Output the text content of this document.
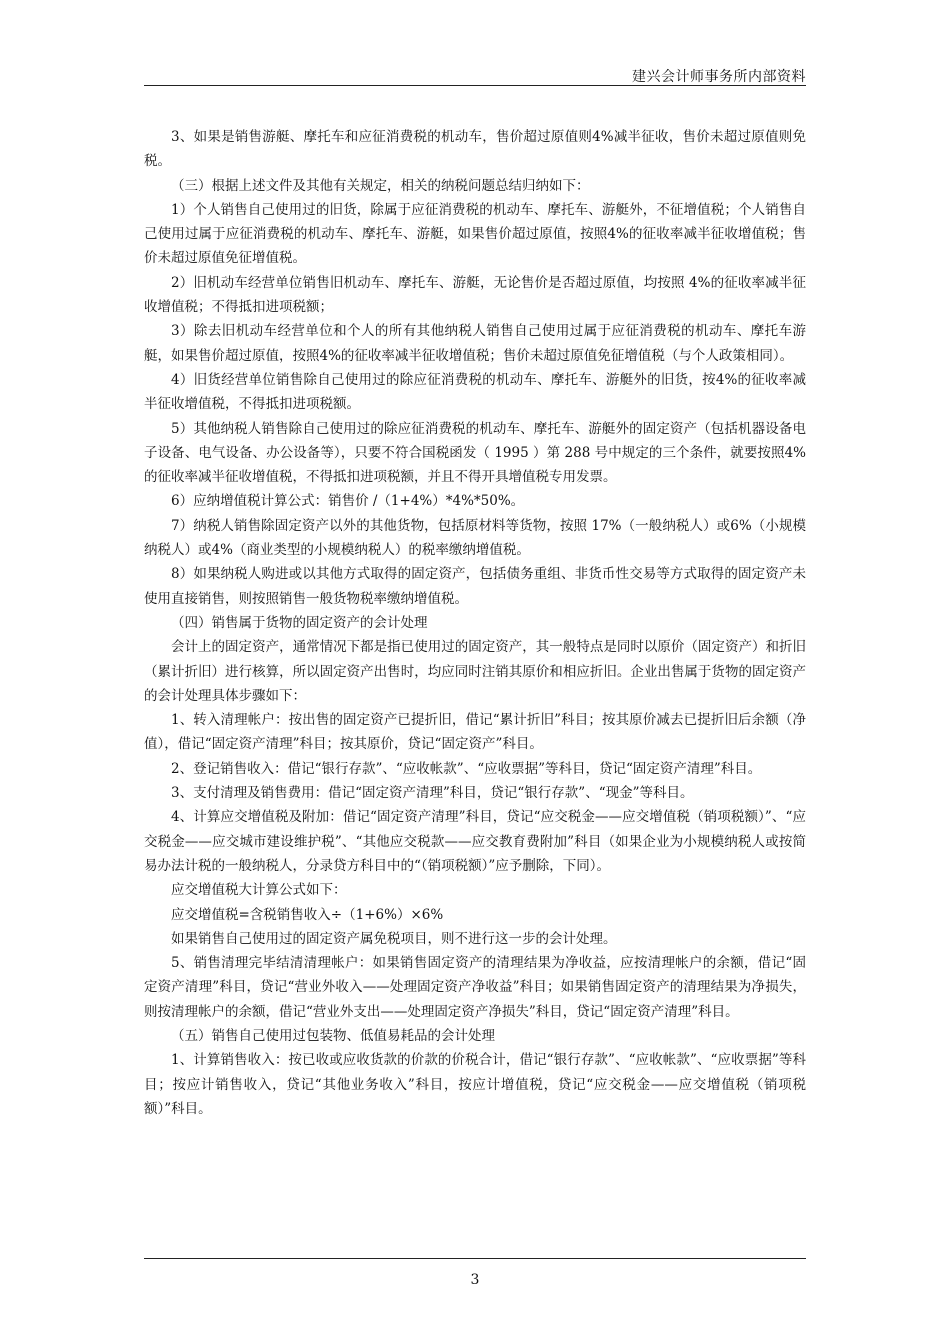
建兴会计师事务所内部资料

3、如果是销售游艇、摩托车和应征消费税的机动车，售价超过原值则4%减半征收，售价未超过原值则免税。

（三）根据上述文件及其他有关规定，相关的纳税问题总结归纳如下：

1）个人销售自己使用过的旧货，除属于应征消费税的机动车、摩托车、游艇外，不征增值税；个人销售自己使用过属于应征消费税的机动车、摩托车、游艇，如果售价超过原值，按照4%的征收率减半征收增值税；售价未超过原值免征增值税。

2）旧机动车经营单位销售旧机动车、摩托车、游艇，无论售价是否超过原值，均按照 4%的征收率减半征收增值税；不得抵扣进项税额；

3）除去旧机动车经营单位和个人的所有其他纳税人销售自己使用过属于应征消费税的机动车、摩托车游艇，如果售价超过原值，按照4%的征收率减半征收增值税；售价未超过原值免征增值税（与个人政策相同）。

4）旧货经营单位销售除自己使用过的除应征消费税的机动车、摩托车、游艇外的旧货，按4%的征收率减半征收增值税，不得抵扣进项税额。

5）其他纳税人销售除自己使用过的除应征消费税的机动车、摩托车、游艇外的固定资产（包括机器设备电子设备、电气设备、办公设备等），只要不符合国税函发（ 1995 ）第 288 号中规定的三个条件，就要按照4%的征收率减半征收增值税，不得抵扣进项税额，并且不得开具增值税专用发票。

6）应纳增值税计算公式：销售价 /（1+4%）*4%*50%。

7）纳税人销售除固定资产以外的其他货物，包括原材料等货物，按照 17%（一般纳税人）或6%（小规模纳税人）或4%（商业类型的小规模纳税人）的税率缴纳增值税。

8）如果纳税人购进或以其他方式取得的固定资产，包括债务重组、非货币性交易等方式取得的固定资产未使用直接销售，则按照销售一般货物税率缴纳增值税。

（四）销售属于货物的固定资产的会计处理

会计上的固定资产，通常情况下都是指已使用过的固定资产，其一般特点是同时以原价（固定资产）和折旧（累计折旧）进行核算，所以固定资产出售时，均应同时注销其原价和相应折旧。企业出售属于货物的固定资产的会计处理具体步骤如下：

1、转入清理帐户：按出售的固定资产已提折旧，借记“累计折旧”科目；按其原价减去已提折旧后余额（净值），借记“固定资产清理”科目；按其原价，贷记“固定资产”科目。

2、登记销售收入：借记“银行存款”、“应收帐款”、“应收票据”等科目，贷记“固定资产清理”科目。

3、支付清理及销售费用：借记“固定资产清理”科目，贷记“银行存款”、“现金”等科目。

4、计算应交增值税及附加：借记“固定资产清理”科目，贷记“应交税金——应交增值税（销项税额）”、“应交税金——应交城市建设维护税”、“其他应交税款——应交教育费附加”科目（如果企业为小规模纳税人或按简易办法计税的一般纳税人，分录贷方科目中的“（销项税额）”应予删除，下同）。

应交增值税大计算公式如下：

应交增值税=含税销售收入÷（1+6%）×6%

如果销售自己使用过的固定资产属免税项目，则不进行这一步的会计处理。

5、销售清理完毕结清清理帐户：如果销售固定资产的清理结果为净收益，应按清理帐户的余额，借记“固定资产清理”科目，贷记“营业外收入——处理固定资产净收益”科目；如果销售固定资产的清理结果为净损失，则按清理帐户的余额，借记“营业外支出——处理固定资产净损失”科目，贷记“固定资产清理”科目。

（五）销售自己使用过包装物、低值易耗品的会计处理

1、计算销售收入：按已收或应收货款的价款的价税合计，借记“银行存款”、“应收帐款”、“应收票据”等科目；按应计销售收入，贷记“其他业务收入”科目，按应计增值税，贷记“应交税金——应交增值税（销项税额）”科目。

3
